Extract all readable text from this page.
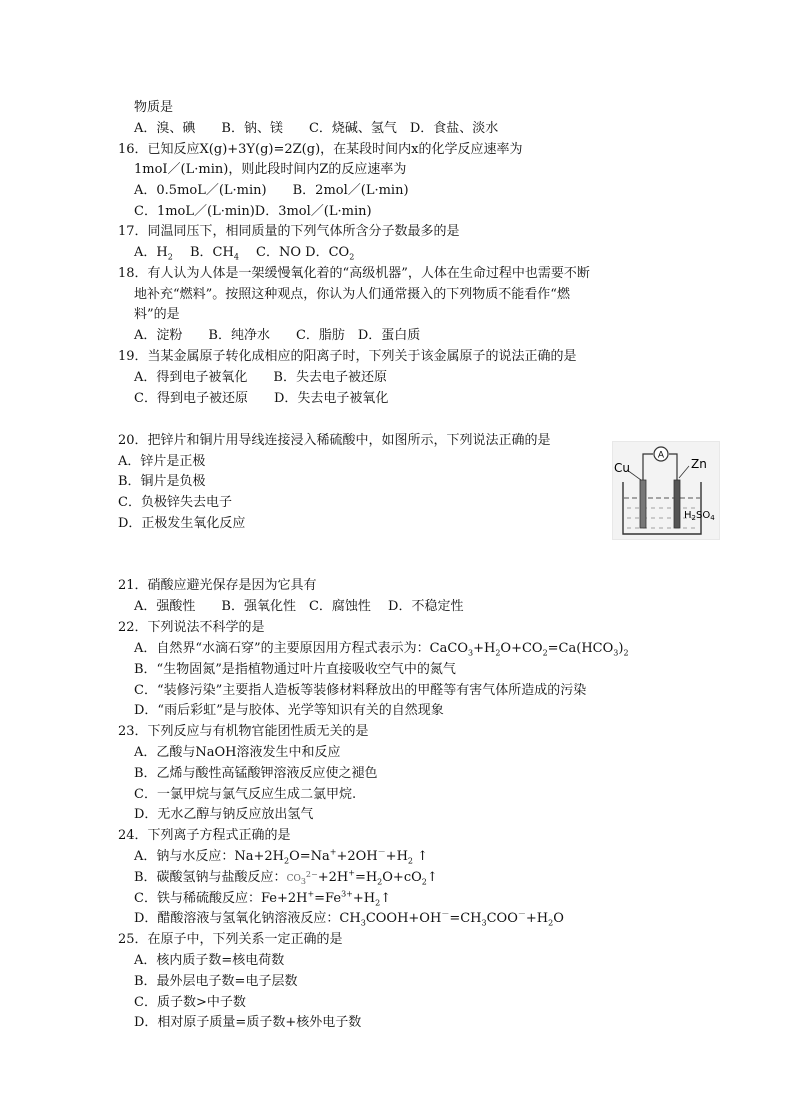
物质是
A．溴、碘　　B．钠、镁　　C．烧碱、氢气　D．食盐、淡水
16．已知反应X(g)+3Y(g)=2Z(g)，在某段时间内x的化学反应速率为
1moI／(L·min)，则此段时间内Z的反应速率为
A．0.5moL／(L·min)　　B．2mol／(L·min)
C．1moL／(L·min)D．3mol／(L·min)
17．同温同压下，相同质量的下列气体所含分子数最多的是
A．$H_2$　 B．$CH_4$　 C．NO D．$CO_2$
18．有人认为人体是一架缓慢氧化着的“高级机器”，人体在生命过程中也需要不断
地补充“燃料”。按照这种观点，你认为人们通常摄入的下列物质不能看作“燃
料”的是
A．淀粉　　B．纯净水　　C．脂肪　D．蛋白质
19．当某金属原子转化成相应的阳离子时，下列关于该金属原子的说法正确的是
A．得到电子被氧化　　B．失去电子被还原
C．得到电子被还原　　D．失去电子被氧化
20．把锌片和铜片用导线连接浸入稀硫酸中，如图所示，下列说法正确的是
A．锌片是正极
B．铜片是负极
C．负极锌失去电子
D．正极发生氧化反应
A
Cu	Zn
$H_2SO_4$
21．硝酸应避光保存是因为它具有
A．强酸性　　B．强氧化性　C．腐蚀性　 D．不稳定性
22．下列说法不科学的是
A．自然界“水滴石穿”的主要原因用方程式表示为：$CaCO_3+H_2O+CO_2=Ca(HCO_3)_2$
B．“生物固氮”是指植物通过叶片直接吸收空气中的氮气
C．“装修污染”主要指人造板等装修材料释放出的甲醛等有害气体所造成的污染
D．“雨后彩虹”是与胶体、光学等知识有关的自然现象
23．下列反应与有机物官能团性质无关的是
A．乙酸与NaOH溶液发生中和反应
B．乙烯与酸性高锰酸钾溶液反应使之褪色
C．一氯甲烷与氯气反应生成二氯甲烷.
D．无水乙醇与钠反应放出氢气
24．下列离子方程式正确的是
A．钠与水反应：$Na+2H_2O=Na^++2OH^-+H_2$ ↑
B．碳酸氢钠与盐酸反应：$CO_3^{2-}+2H^+=H_2O+cO_2↑$
C．铁与稀硫酸反应：$Fe+2H^+=Fe^{3+}+H_2↑$
D．醋酸溶液与氢氧化钠溶液反应：$CH_3COOH+OH^-=CH_3COO^-+H_2O$
25．在原子中，下列关系一定正确的是
A．核内质子数=核电荷数
B．最外层电子数=电子层数
C．质子数>中子数
D．相对原子质量=质子数+核外电子数
